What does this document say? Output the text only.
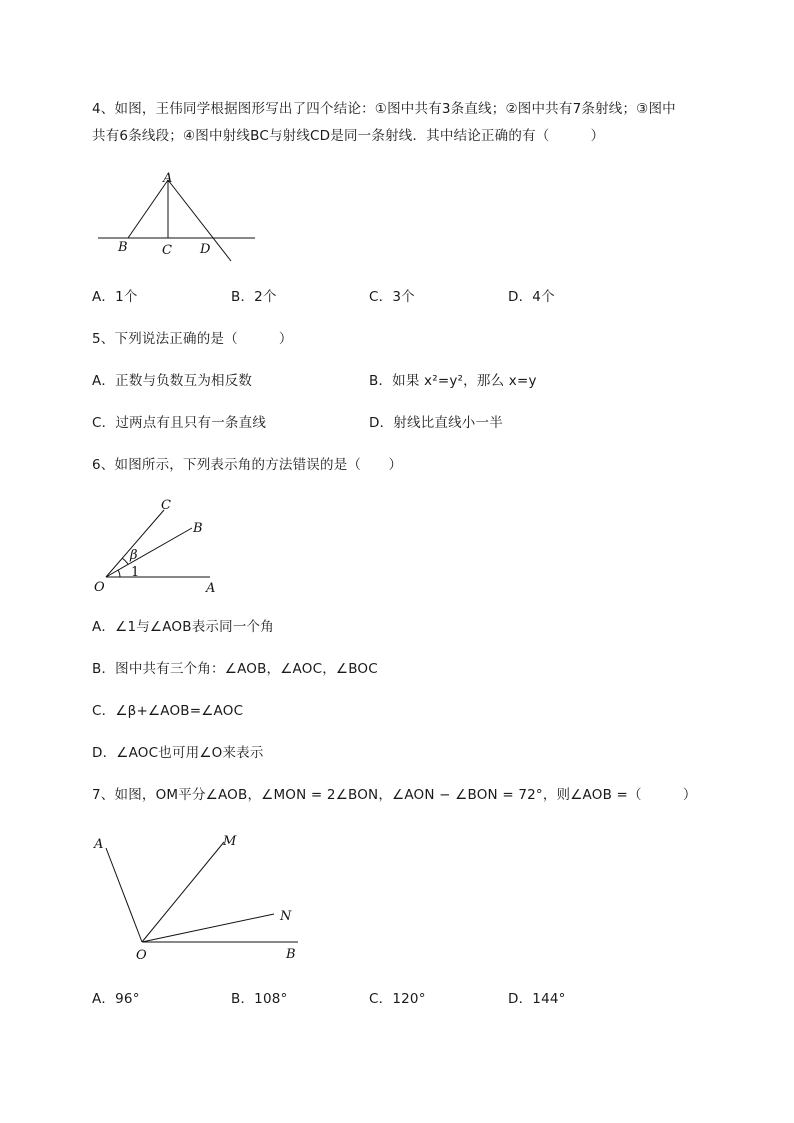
4、如图，王伟同学根据图形写出了四个结论：①图中共有3条直线；②图中共有7条射线；③图中
共有6条线段；④图中射线BC与射线CD是同一条射线．其中结论正确的有（　　　）
A
B	C D
A．1个	B．2个	C．3个	D．4个
5、下列说法正确的是（　　　）
A．正数与负数互为相反数	B．如果 x²=y²，那么 x=y
C．过两点有且只有一条直线	D．射线比直线小一半
6、如图所示，下列表示角的方法错误的是（　　）
O	A
B
C
β
1
A．∠1与∠AOB表示同一个角
B．图中共有三个角：∠AOB，∠AOC，∠BOC
C．∠β+∠AOB=∠AOC
D．∠AOC也可用∠O来表示
7、如图，OM平分∠AOB，∠MON = 2∠BON，∠AON − ∠BON = 72°，则∠AOB =（　　　）
O
A
B
M
N
A．96°	B．108°	C．120°	D．144°
